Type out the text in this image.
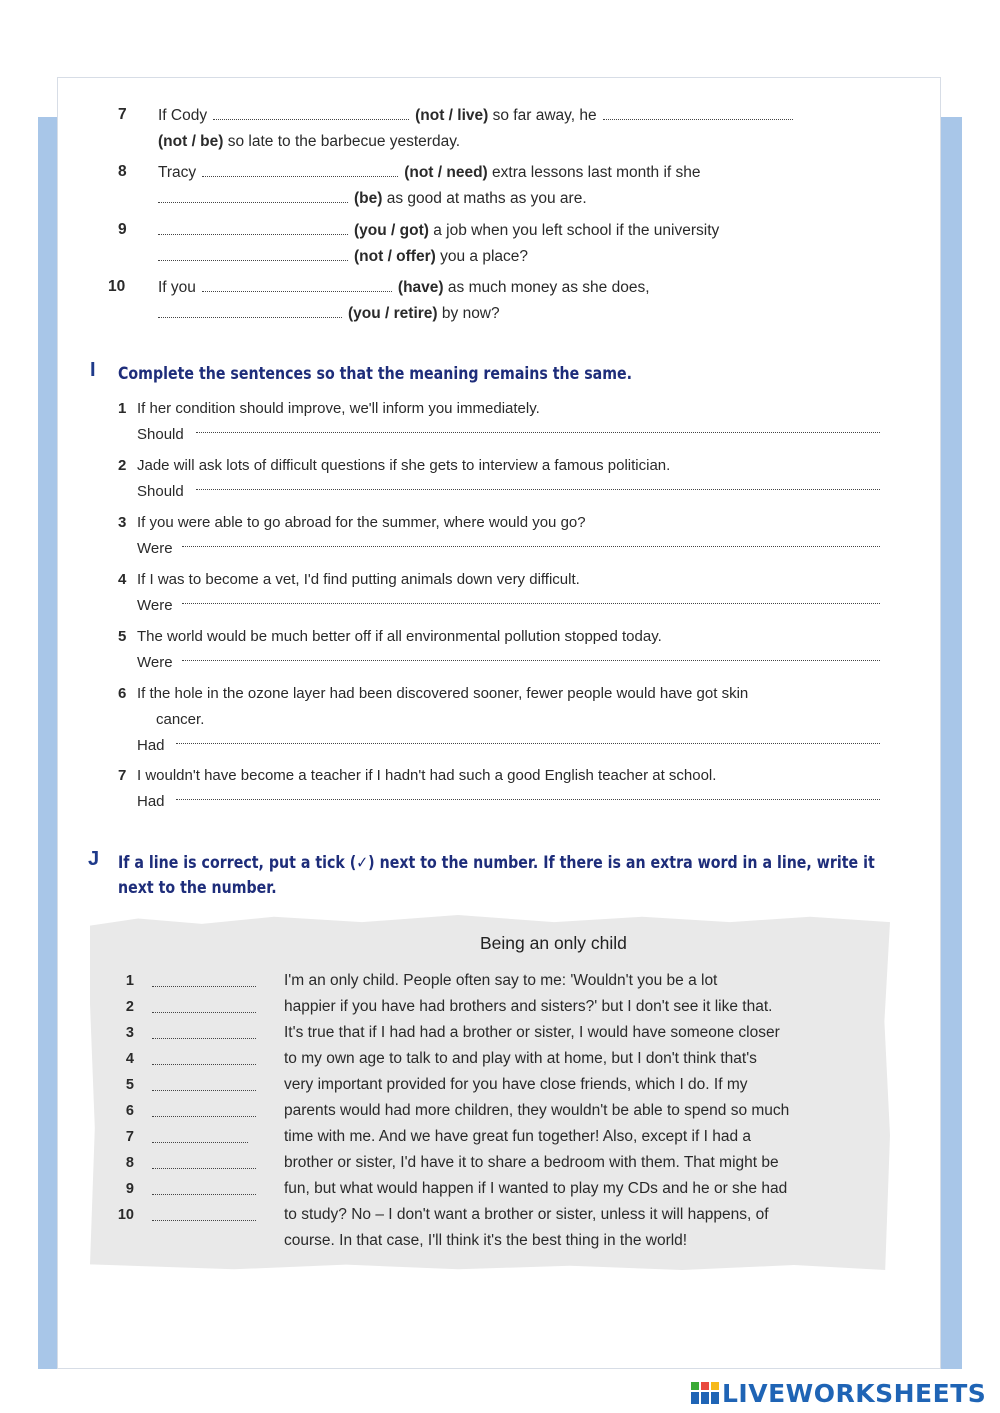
7 If Cody	(not / live) so far away, he
(not / be) so late to the barbecue yesterday.
8 Tracy	(not / need) extra lessons last month if she
(be) as good at maths as you are.
9	(you / got) a job when you left school if the university
(not / offer) you a place?
10 If you	(have) as much money as she does,
(you / retire) by now?
I Complete the sentences so that the meaning remains the same.
1 If her condition should improve, we'll inform you immediately.
Should
2 Jade will ask lots of difficult questions if she gets to interview a famous politician.
Should
3 If you were able to go abroad for the summer, where would you go?
Were
4 If I was to become a vet, I'd find putting animals down very difficult.
Were
5 The world would be much better off if all environmental pollution stopped today.
Were
6 If the hole in the ozone layer had been discovered sooner, fewer people would have got skin
cancer.
Had
7 I wouldn't have become a teacher if I hadn't had such a good English teacher at school.
Had
J If a line is correct, put a tick (✓) next to the number. If there is an extra word in a line, write it
next to the number.
Being an only child
1	I'm an only child. People often say to me: 'Wouldn't you be a lot
2	happier if you have had brothers and sisters?' but I don't see it like that.
3	It's true that if I had had a brother or sister, I would have someone closer
4	to my own age to talk to and play with at home, but I don't think that's
5	very important provided for you have close friends, which I do. If my
6	parents would had more children, they wouldn't be able to spend so much
7	time with me. And we have great fun together! Also, except if I had a
8	brother or sister, I'd have it to share a bedroom with them. That might be
9	fun, but what would happen if I wanted to play my CDs and he or she had
10	to study? No – I don't want a brother or sister, unless it will happens, of
course. In that case, I'll think it's the best thing in the world!
LIVEWORKSHEETS
